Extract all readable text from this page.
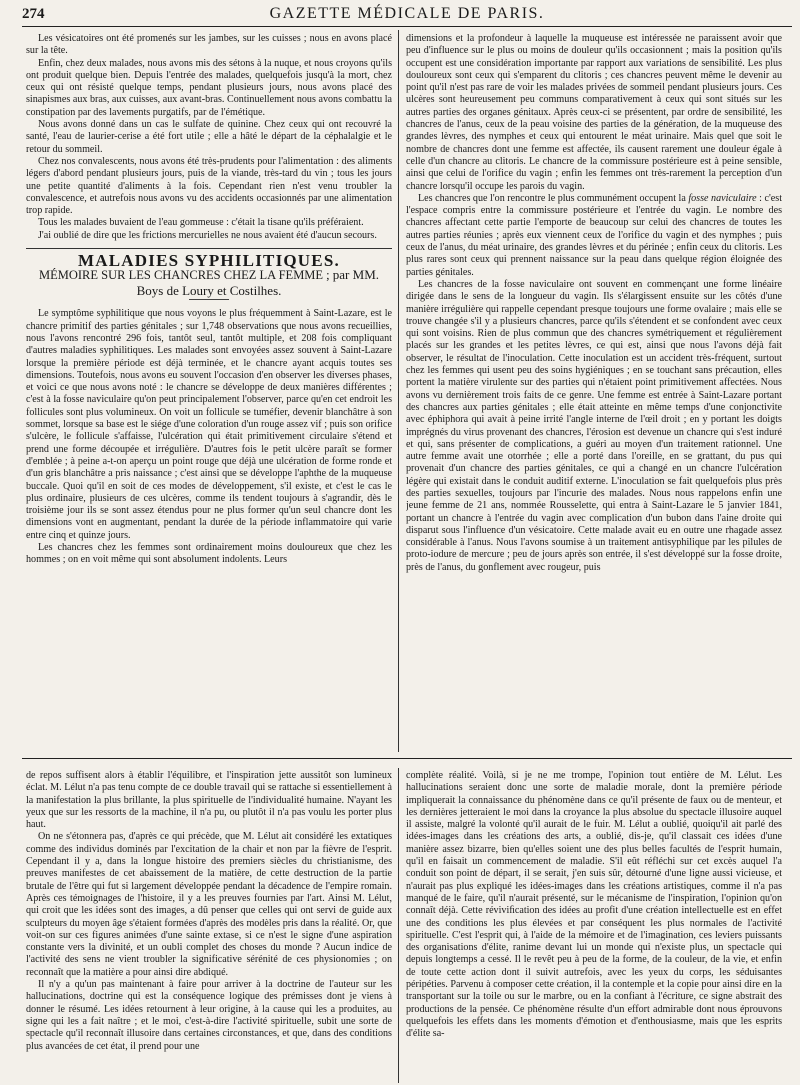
274	GAZETTE MÉDICALE DE PARIS.

Les vésicatoires ont été promenés sur les jambes, sur les cuisses ; nous en avons placé sur la tête.

Enfin, chez deux malades, nous avons mis des sétons à la nuque, et nous croyons qu'ils ont produit quelque bien. Depuis l'entrée des malades, quelquefois jusqu'à la mort, chez ceux qui ont résisté quelque temps, pendant plusieurs jours, nous avons placé des sinapismes aux bras, aux cuisses, aux avant-bras. Continuellement nous avons combattu la constipation par des lavements purgatifs, par de l'émétique.

Nous avons donné dans un cas le sulfate de quinine. Chez ceux qui ont recouvré la santé, l'eau de laurier-cerise a été fort utile ; elle a hâté le départ de la céphalalgie et le retour du sommeil.

Chez nos convalescents, nous avons été très-prudents pour l'alimentation : des aliments légers d'abord pendant plusieurs jours, puis de la viande, très-tard du vin ; tous les jours une petite quantité d'aliments à la fois. Cependant rien n'est venu troubler la convalescence, et autrefois nous avons vu des accidents occasionnés par une alimentation trop rapide.

Tous les malades buvaient de l'eau gommeuse : c'était la tisane qu'ils préféraient.

J'ai oublié de dire que les frictions mercurielles ne nous avaient été d'aucun secours.

MALADIES SYPHILITIQUES.

MÉMOIRE SUR LES CHANCRES CHEZ LA FEMME ; par MM. Boys de Loury et Costilhes.

Le symptôme syphilitique que nous voyons le plus fréquemment à Saint-Lazare, est le chancre primitif des parties génitales ; sur 1,748 observations que nous avons recueillies, nous l'avons rencontré 296 fois, tantôt seul, tantôt multiple, et 208 fois compliquant d'autres maladies syphilitiques. Les malades sont envoyées assez souvent à Saint-Lazare lorsque la première période est déjà terminée, et le chancre ayant acquis toutes ses dimensions. Toutefois, nous avons eu souvent l'occasion d'en observer les diverses phases, et voici ce que nous avons noté : le chancre se développe de deux manières différentes ; c'est à la fosse naviculaire qu'on peut principalement l'observer, parce qu'en cet endroit les follicules sont plus volumineux. On voit un follicule se tuméfier, devenir blanchâtre à son sommet, lorsque sa base est le siége d'une coloration d'un rouge assez vif ; puis son orifice s'ulcère, le follicule s'affaisse, l'ulcération qui était primitivement circulaire s'étend et prend une forme découpée et irrégulière. D'autres fois le petit ulcère paraît se former d'emblée ; à peine a-t-on aperçu un point rouge que déjà une ulcération de forme ronde et d'un gris blanchâtre a pris naissance ; c'est ainsi que se développe l'aphthe de la muqueuse buccale. Quoi qu'il en soit de ces modes de développement, s'il existe, et c'est le cas le plus ordinaire, plusieurs de ces ulcères, comme ils tendent toujours à s'agrandir, dès le troisième jour ils se sont assez étendus pour ne plus former qu'un seul chancre dont les dimensions vont en augmentant, pendant la durée de la période inflammatoire qui varie entre cinq et quinze jours.

Les chancres chez les femmes sont ordinairement moins douloureux que chez les hommes ; on en voit même qui sont absolument indolents. Leurs

dimensions et la profondeur à laquelle la muqueuse est intéressée ne paraissent avoir que peu d'influence sur le plus ou moins de douleur qu'ils occasionnent ; mais la position qu'ils occupent est une considération importante par rapport aux variations de sensibilité. Les plus douloureux sont ceux qui s'emparent du clitoris ; ces chancres peuvent même le devenir au point qu'il n'est pas rare de voir les malades privées de sommeil pendant plusieurs jours. Ces ulcères sont heureusement peu communs comparativement à ceux qui sont situés sur les autres parties des organes génitaux. Après ceux-ci se présentent, par ordre de sensibilité, les chancres de l'anus, ceux de la peau voisine des parties de la génération, de la muqueuse des grandes lèvres, des nymphes et ceux qui entourent le méat urinaire. Mais quel que soit le nombre de chancres dont une femme est affectée, ils causent rarement une douleur égale à celle d'un chancre au clitoris. Le chancre de la commissure postérieure est à peine sensible, ainsi que celui de l'orifice du vagin ; enfin les femmes ont très-rarement la perception d'un chancre lorsqu'il occupe les parois du vagin.

Les chancres que l'on rencontre le plus communément occupent la fosse naviculaire : c'est l'espace compris entre la commissure postérieure et l'entrée du vagin. Le nombre des chancres affectant cette partie l'emporte de beaucoup sur celui des chancres de toutes les autres parties réunies ; après eux viennent ceux de l'orifice du vagin et des nymphes ; puis ceux de l'anus, du méat urinaire, des grandes lèvres et du périnée ; enfin ceux du clitoris. Les plus rares sont ceux qui prennent naissance sur la peau dans quelque région éloignée des parties génitales.

Les chancres de la fosse naviculaire ont souvent en commençant une forme linéaire dirigée dans le sens de la longueur du vagin. Ils s'élargissent ensuite sur les côtés d'une manière irrégulière qui rappelle cependant presque toujours une forme ovalaire ; mais elle se trouve changée s'il y a plusieurs chancres, parce qu'ils s'étendent et se confondent avec ceux qui sont voisins. Rien de plus commun que des chancres symétriquement et régulièrement placés sur les grandes et les petites lèvres, ce qui est, ainsi que nous l'avons déjà fait observer, le résultat de l'inoculation. Cette inoculation est un accident très-fréquent, surtout chez les femmes qui usent peu des soins hygiéniques ; en se touchant sans précaution, elles portent la matière virulente sur des parties qui n'étaient point primitivement affectées. Nous avons vu dernièrement trois faits de ce genre. Une femme est entrée à Saint-Lazare portant des chancres aux parties génitales ; elle était atteinte en même temps d'une conjonctivite avec éphiphora qui avait à peine irrité l'angle interne de l'œil droit ; en y portant les doigts imprégnés du virus provenant des chancres, l'érosion est devenue un chancre qui s'est induré et qui, sans présenter de complications, a guéri au moyen d'un traitement rationnel. Une autre femme avait une otorrhée ; elle a porté dans l'oreille, en se grattant, du pus qui provenait d'un chancre des parties génitales, ce qui a changé en un chancre l'ulcération légère qui existait dans le conduit auditif externe. L'inoculation se fait quelquefois plus près des parties sexuelles, toujours par l'incurie des malades. Nous nous rappelons enfin une jeune femme de 21 ans, nommée Rousselette, qui entra à Saint-Lazare le 5 janvier 1841, portant un chancre à l'entrée du vagin avec complication d'un bubon dans l'aine droite qui disparut sous l'influence d'un vésicatoire. Cette malade avait eu en outre une rhagade assez considérable à l'anus. Nous l'avons soumise à un traitement antisyphilique par les pilules de proto-iodure de mercure ; peu de jours après son entrée, il s'est développé sur la fosse droite, près de l'anus, du gonflement avec rougeur, puis

de repos suffisent alors à établir l'équilibre, et l'inspiration jette aussitôt son lumineux éclat. M. Lélut n'a pas tenu compte de ce double travail qui se rattache si essentiellement à la manifestation la plus brillante, la plus spirituelle de l'individualité humaine. N'ayant les yeux que sur les ressorts de la machine, il n'a pu, ou plutôt il n'a pas voulu les porter plus haut.

On ne s'étonnera pas, d'après ce qui précède, que M. Lélut ait considéré les extatiques comme des individus dominés par l'excitation de la chair et non par la fièvre de l'esprit. Cependant il y a, dans la longue histoire des premiers siècles du christianisme, des preuves manifestes de cet abaissement de la matière, de cette destruction de la partie brutale de l'être qui fut si largement développée pendant la décadence de l'empire romain. Après ces témoignages de l'histoire, il y a les preuves fournies par l'art. Ainsi M. Lélut, qui croit que les idées sont des images, a dû penser que celles qui ont servi de guide aux sculpteurs du moyen âge s'étaient formées d'après des modèles pris dans la réalité. Or, que voit-on sur ces figures animées d'une sainte extase, si ce n'est le signe d'une aspiration constante vers la divinité, et un oubli complet des choses du monde ? Aucun indice de l'activité des sens ne vient troubler la significative sérénité de ces physionomies ; on reconnaît que la matière a pour ainsi dire abdiqué.

Il n'y a qu'un pas maintenant à faire pour arriver à la doctrine de l'auteur sur les hallucinations, doctrine qui est la conséquence logique des prémisses dont je viens à donner le résumé. Les idées retournent à leur origine, à la cause qui les a produites, au signe qui les a fait naître ; et le moi, c'est-à-dire l'activité spirituelle, subit une sorte de spectacle qu'il reconnaît illusoire dans certaines circonstances, et que, dans des conditions plus avancées de cet état, il prend pour une

complète réalité. Voilà, si je ne me trompe, l'opinion tout entière de M. Lélut. Les hallucinations seraient donc une sorte de maladie morale, dont la première période impliquerait la connaissance du phénomène dans ce qu'il présente de faux ou de menteur, et les dernières jetteraient le moi dans la croyance la plus absolue du spectacle illusoire auquel il assiste, malgré la volonté qu'il aurait de le fuir. M. Lélut a oublié, quoiqu'il ait parlé des idées-images dans les créations des arts, a oublié, dis-je, qu'il classait ces idées d'une manière assez bizarre, bien qu'elles soient une des plus belles facultés de l'esprit humain, qu'il en faisait un commencement de maladie. S'il eût réfléchi sur cet excès auquel l'a conduit son point de départ, il se serait, j'en suis sûr, détourné d'une ligne aussi vicieuse, et n'aurait pas plus expliqué les idées-images dans les créations artistiques, comme il n'a pas manqué de le faire, qu'il n'aurait présenté, sur le mécanisme de l'inspiration, l'opinion qu'on connaît déjà. Cette réviviﬁcation des idées au profit d'une création intellectuelle est en effet une des conditions les plus élevées et par conséquent les plus normales de l'activité spirituelle. C'est l'esprit qui, à l'aide de la mémoire et de l'imagination, ces leviers puissants des organisations d'élite, ranime devant lui un monde qui n'existe plus, un spectacle qui depuis longtemps a cessé. Il le revêt peu à peu de la forme, de la couleur, de la vie, et enfin de toute cette action dont il suivit autrefois, avec les yeux du corps, les séduisantes péripéties. Parvenu à composer cette création, il la contemple et la copie pour ainsi dire en la transportant sur la toile ou sur le marbre, ou en la confiant à l'écriture, ce signe abstrait des productions de la pensée. Ce phénomène résulte d'un effort admirable dont nous éprouvons quelquefois les effets dans les moments d'émotion et d'enthousiasme, mais que les esprits d'élite sa-
